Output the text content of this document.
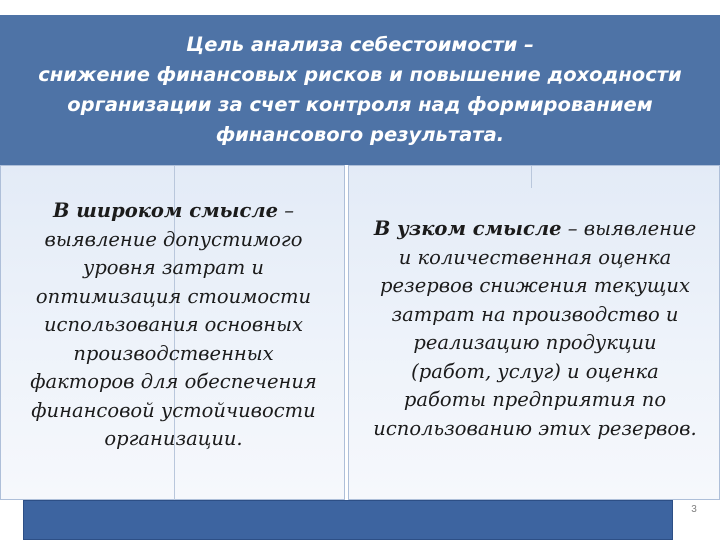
Цель анализа себестоимости –
снижение финансовых рисков и повышение доходности
организации за счет контроля над формированием
финансового результата.

В широком смысле –

выявление допустимого

уровня затрат и

оптимизация стоимости

использования основных

производственных

факторов для обеспечения

финансовой устойчивости

организации.

В узком смысле – выявление

и количественная оценка

резервов снижения текущих

затрат на производство и

реализацию продукции

(работ, услуг) и оценка

работы предприятия по

использованию этих резервов.

3
